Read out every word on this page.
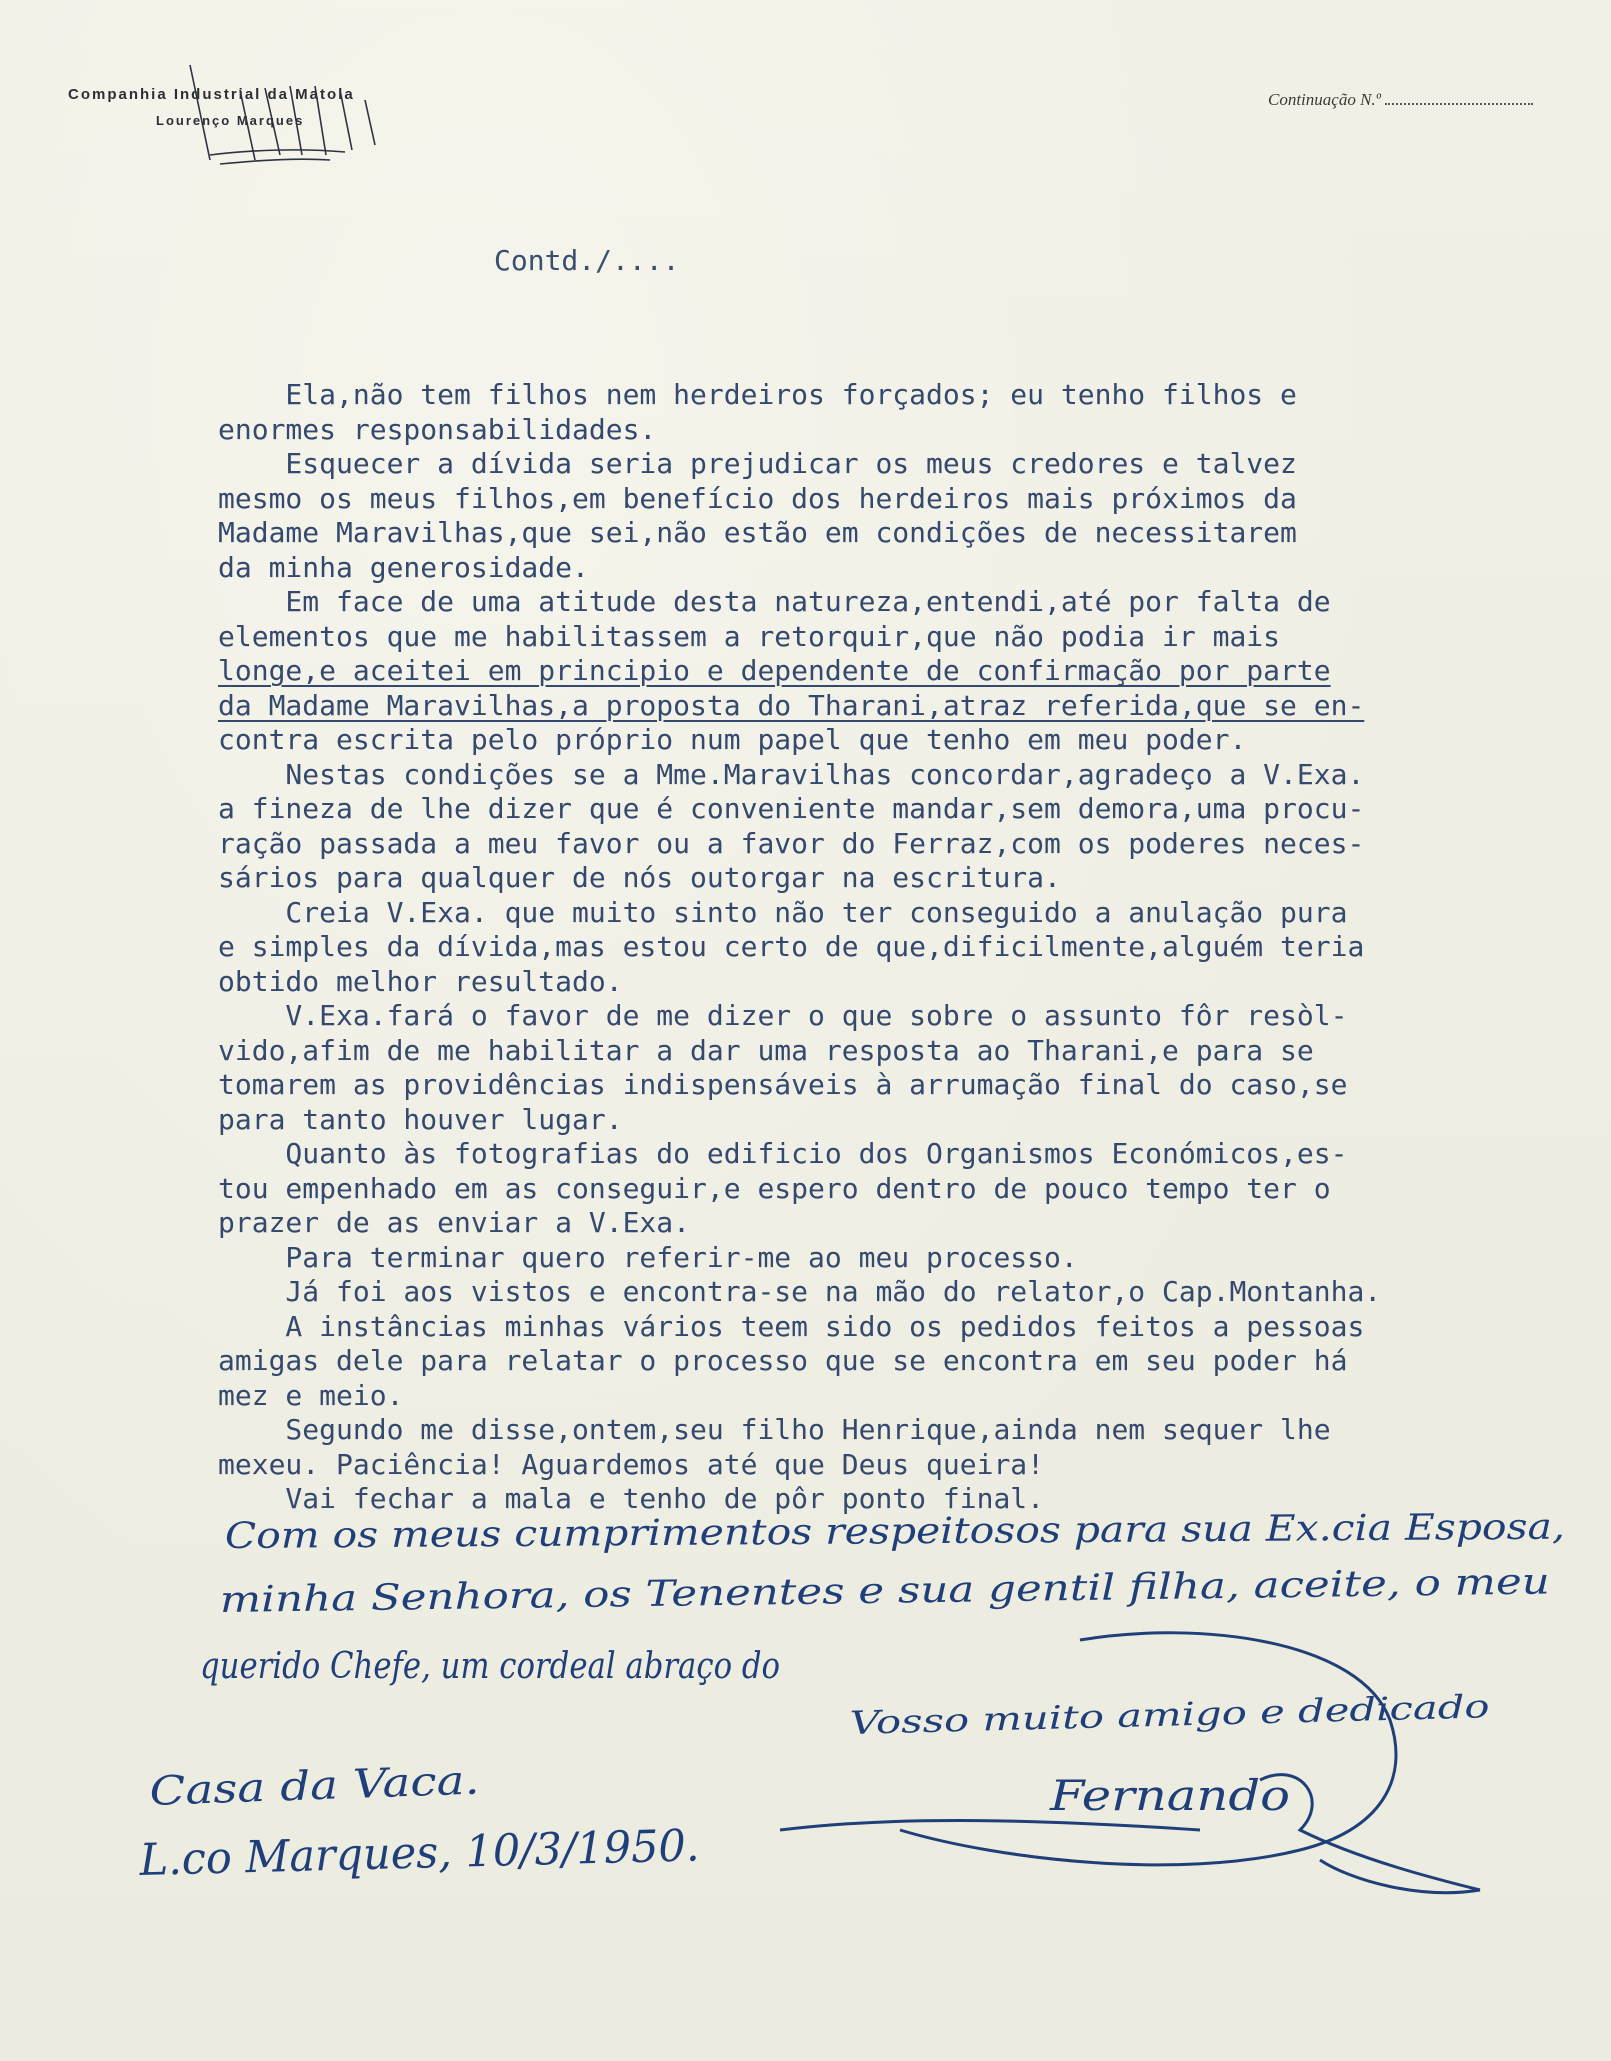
Companhia Industrial da Matola
Lourenço Marques
Continuação N.º
Contd./....
Ela,não tem filhos nem herdeiros forçados; eu tenho filhos e
enormes responsabilidades.
Esquecer a dívida seria prejudicar os meus credores e talvez
mesmo os meus filhos,em benefício dos herdeiros mais próximos da
Madame Maravilhas,que sei,não estão em condições de necessitarem
da minha generosidade.
Em face de uma atitude desta natureza,entendi,até por falta de
elementos que me habilitassem a retorquir,que não podia ir mais
longe,e aceitei em principio e dependente de confirmação por parte
da Madame Maravilhas,a proposta do Tharani,atraz referida,que se en-
contra escrita pelo próprio num papel que tenho em meu poder.
Nestas condições se a Mme.Maravilhas concordar,agradeço a V.Exa.
a fineza de lhe dizer que é conveniente mandar,sem demora,uma procu-
ração passada a meu favor ou a favor do Ferraz,com os poderes neces-
sários para qualquer de nós outorgar na escritura.
Creia V.Exa. que muito sinto não ter conseguido a anulação pura
e simples da dívida,mas estou certo de que,dificilmente,alguém teria
obtido melhor resultado.
V.Exa.fará o favor de me dizer o que sobre o assunto fôr resòl-
vido,afim de me habilitar a dar uma resposta ao Tharani,e para se
tomarem as providências indispensáveis à arrumação final do caso,se
para tanto houver lugar.
Quanto às fotografias do edificio dos Organismos Económicos,es-
tou empenhado em as conseguir,e espero dentro de pouco tempo ter o
prazer de as enviar a V.Exa.
Para terminar quero referir-me ao meu processo.
Já foi aos vistos e encontra-se na mão do relator,o Cap.Montanha.
A instâncias minhas vários teem sido os pedidos feitos a pessoas
amigas dele para relatar o processo que se encontra em seu poder há
mez e meio.
Segundo me disse,ontem,seu filho Henrique,ainda nem sequer lhe
mexeu. Paciência! Aguardemos até que Deus queira!
Vai fechar a mala e tenho de pôr ponto final.
Com os meus cumprimentos respeitosos para sua Ex.cia Esposa,
minha Senhora, os Tenentes e sua gentil filha, aceite, o meu
querido Chefe, um cordeal abraço do
Vosso muito amigo e dedicado
Fernando
Casa da Vaca.
L.co Marques, 10/3/1950.
